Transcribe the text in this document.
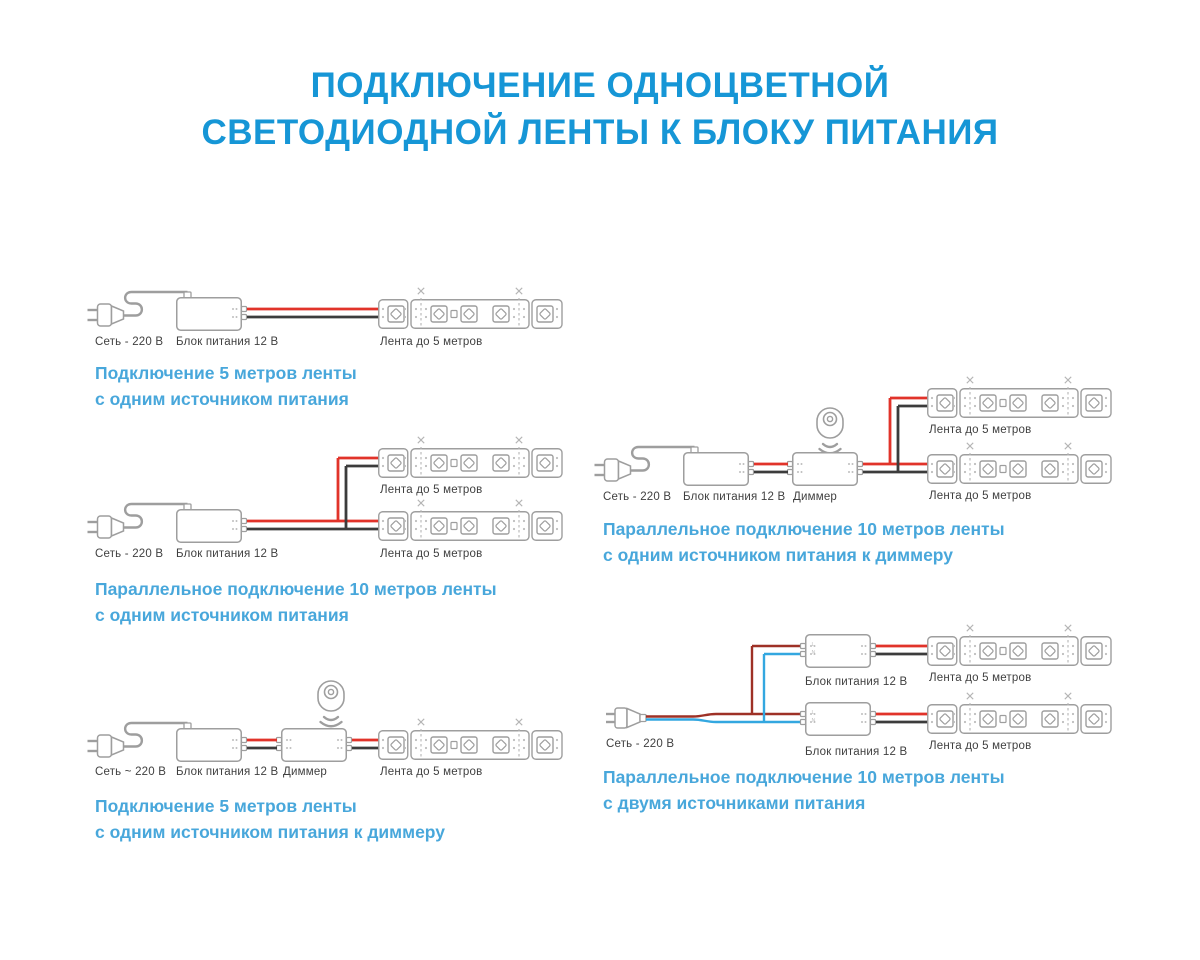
ПОДКЛЮЧЕНИЕ ОДНОЦВЕТНОЙ
СВЕТОДИОДНОЙ ЛЕНТЫ К БЛОКУ ПИТАНИЯ
L
N
L
N
Сеть - 220 В Блок питания 12 В	Лента до 5 метров
Подключение 5 метров ленты
с одним источником питания
Лента до 5 метров
Сеть - 220 В Блок питания 12 В	Лента до 5 метров
Параллельное подключение 10 метров ленты
с одним источником питания
Сеть ~ 220 В Блок питания 12 В Диммер	Лента до 5 метров
Подключение 5 метров ленты
с одним источником питания к диммеру
Лента до 5 метров
Сеть - 220 В Блок питания 12 В Диммер	Лента до 5 метров
Параллельное подключение 10 метров ленты
с одним источником питания к диммеру
Лента до 5 метров
Блок питания 12 В
Сеть - 220 В	Лента до 5 метров
Блок питания 12 В
Параллельное подключение 10 метров ленты
с двумя источниками питания
